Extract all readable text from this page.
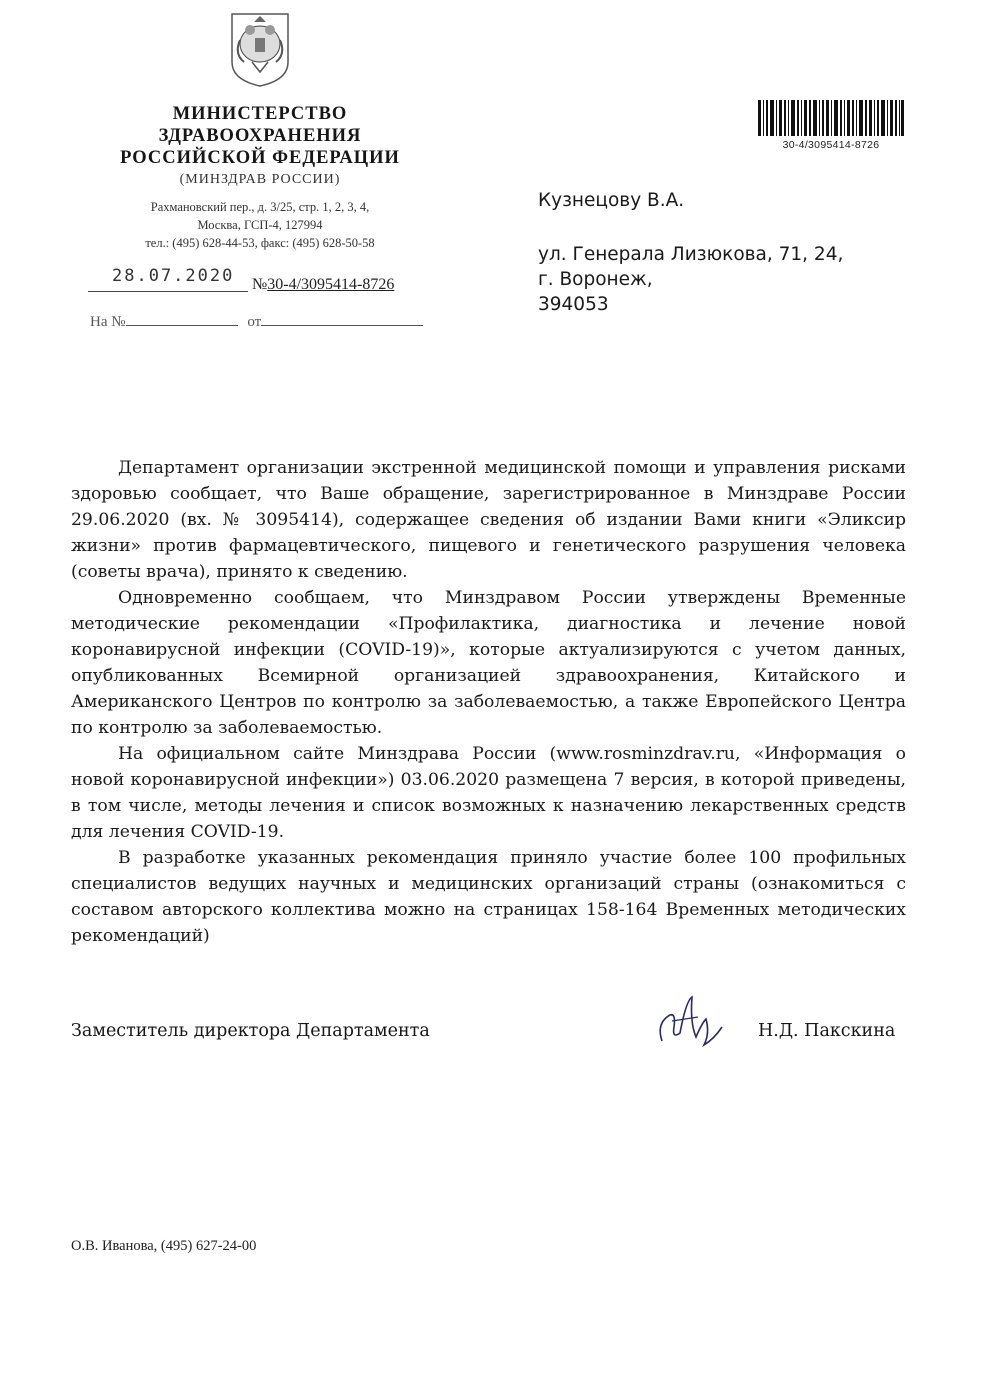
МИНИСТЕРСТВО
ЗДРАВООХРАНЕНИЯ
РОССИЙСКОЙ ФЕДЕРАЦИИ
(МИНЗДРАВ РОССИИ)
Рахмановский пер., д. 3/25, стр. 1, 2, 3, 4,
Москва, ГСП-4, 127994
тел.: (495) 628-44-53, факс: (495) 628-50-58
28.07.2020 №30-4/3095414-8726
На №	от
30-4/3095414-8726
Кузнецову В.А.
ул. Генерала Лизюкова, 71, 24,
г. Воронеж,
394053

Департамент организации экстренной медицинской помощи и управления рисками здоровью сообщает, что Ваше обращение, зарегистрированное в Минздраве России 29.06.2020 (вх. № 3095414), содержащее сведения об издании Вами книги «Эликсир жизни» против фармацевтического, пищевого и генетического разрушения человека (советы врача), принято к сведению.

Одновременно сообщаем, что Минздравом России утверждены Временные методические рекомендации «Профилактика, диагностика и лечение новой коронавирусной инфекции (COVID-19)», которые актуализируются с учетом данных, опубликованных Всемирной организацией здравоохранения, Китайского и Американского Центров по контролю за заболеваемостью, а также Европейского Центра по контролю за заболеваемостью.

На официальном сайте Минздрава России (www.rosminzdrav.ru, «Информация о новой коронавирусной инфекции») 03.06.2020 размещена 7 версия, в которой приведены, в том числе, методы лечения и список возможных к назначению лекарственных средств для лечения COVID-19.

В разработке указанных рекомендация приняло участие более 100 профильных специалистов ведущих научных и медицинских организаций страны (ознакомиться с составом авторского коллектива можно на страницах 158-164 Временных методических рекомендаций)

Заместитель директора Департамента	Н.Д. Пакскина
О.В. Иванова, (495) 627-24-00
